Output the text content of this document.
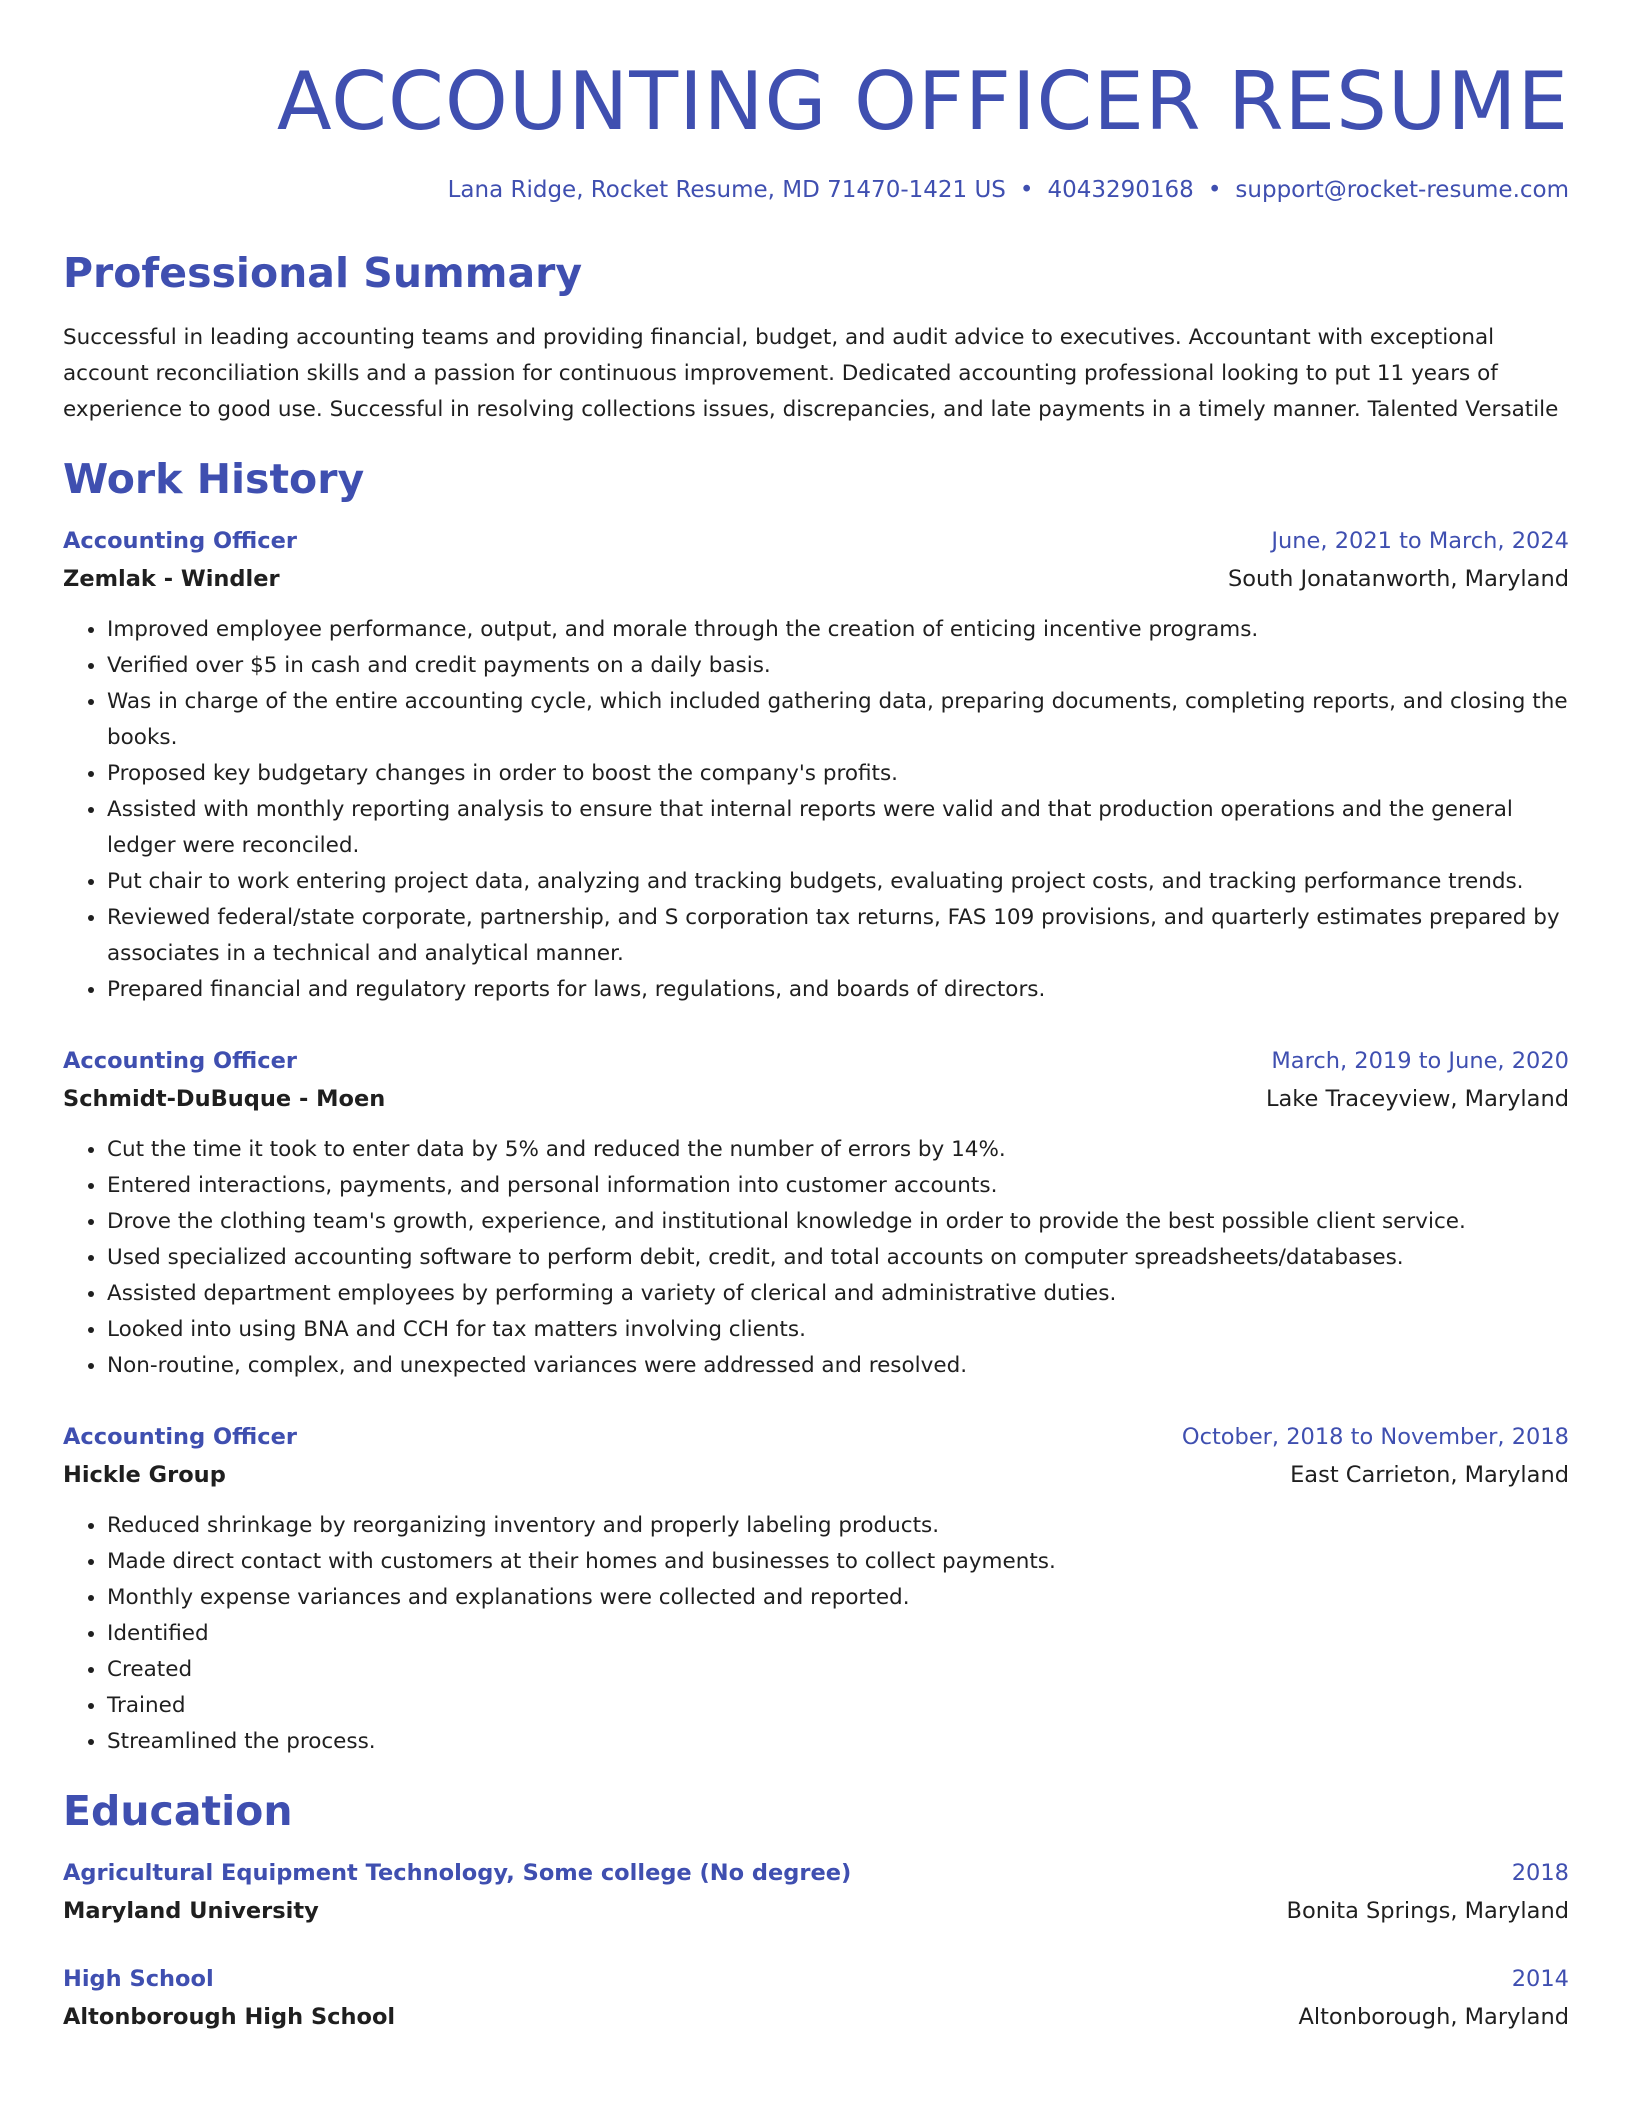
ACCOUNTING OFFICER RESUME
Lana Ridge, Rocket Resume, MD 71470-1421 US • 4043290168 • support@rocket-resume.com
Professional Summary
Successful in leading accounting teams and providing financial, budget, and audit advice to executives. Accountant with exceptional account reconciliation skills and a passion for continuous improvement. Dedicated accounting professional looking to put 11 years of experience to good use. Successful in resolving collections issues, discrepancies, and late payments in a timely manner. Talented Versatile
Work History
Accounting Officer	June, 2021 to March, 2024
Zemlak - Windler	South Jonatanworth, Maryland
• Improved employee performance, output, and morale through the creation of enticing incentive programs.
• Verified over $5 in cash and credit payments on a daily basis.
• Was in charge of the entire accounting cycle, which included gathering data, preparing documents, completing reports, and closing the books.
• Proposed key budgetary changes in order to boost the company's profits.
• Assisted with monthly reporting analysis to ensure that internal reports were valid and that production operations and the general ledger were reconciled.
• Put chair to work entering project data, analyzing and tracking budgets, evaluating project costs, and tracking performance trends.
• Reviewed federal/state corporate, partnership, and S corporation tax returns, FAS 109 provisions, and quarterly estimates prepared by associates in a technical and analytical manner.
• Prepared financial and regulatory reports for laws, regulations, and boards of directors.
Accounting Officer	March, 2019 to June, 2020
Schmidt-DuBuque - Moen	Lake Traceyview, Maryland
• Cut the time it took to enter data by 5% and reduced the number of errors by 14%.
• Entered interactions, payments, and personal information into customer accounts.
• Drove the clothing team's growth, experience, and institutional knowledge in order to provide the best possible client service.
• Used specialized accounting software to perform debit, credit, and total accounts on computer spreadsheets/databases.
• Assisted department employees by performing a variety of clerical and administrative duties.
• Looked into using BNA and CCH for tax matters involving clients.
• Non-routine, complex, and unexpected variances were addressed and resolved.
Accounting Officer	October, 2018 to November, 2018
Hickle Group	East Carrieton, Maryland
• Reduced shrinkage by reorganizing inventory and properly labeling products.
• Made direct contact with customers at their homes and businesses to collect payments.
• Monthly expense variances and explanations were collected and reported.
• Identified
• Created
• Trained
• Streamlined the process.
Education
Agricultural Equipment Technology, Some college (No degree)	2018
Maryland University	Bonita Springs, Maryland
High School	2014
Altonborough High School	Altonborough, Maryland
